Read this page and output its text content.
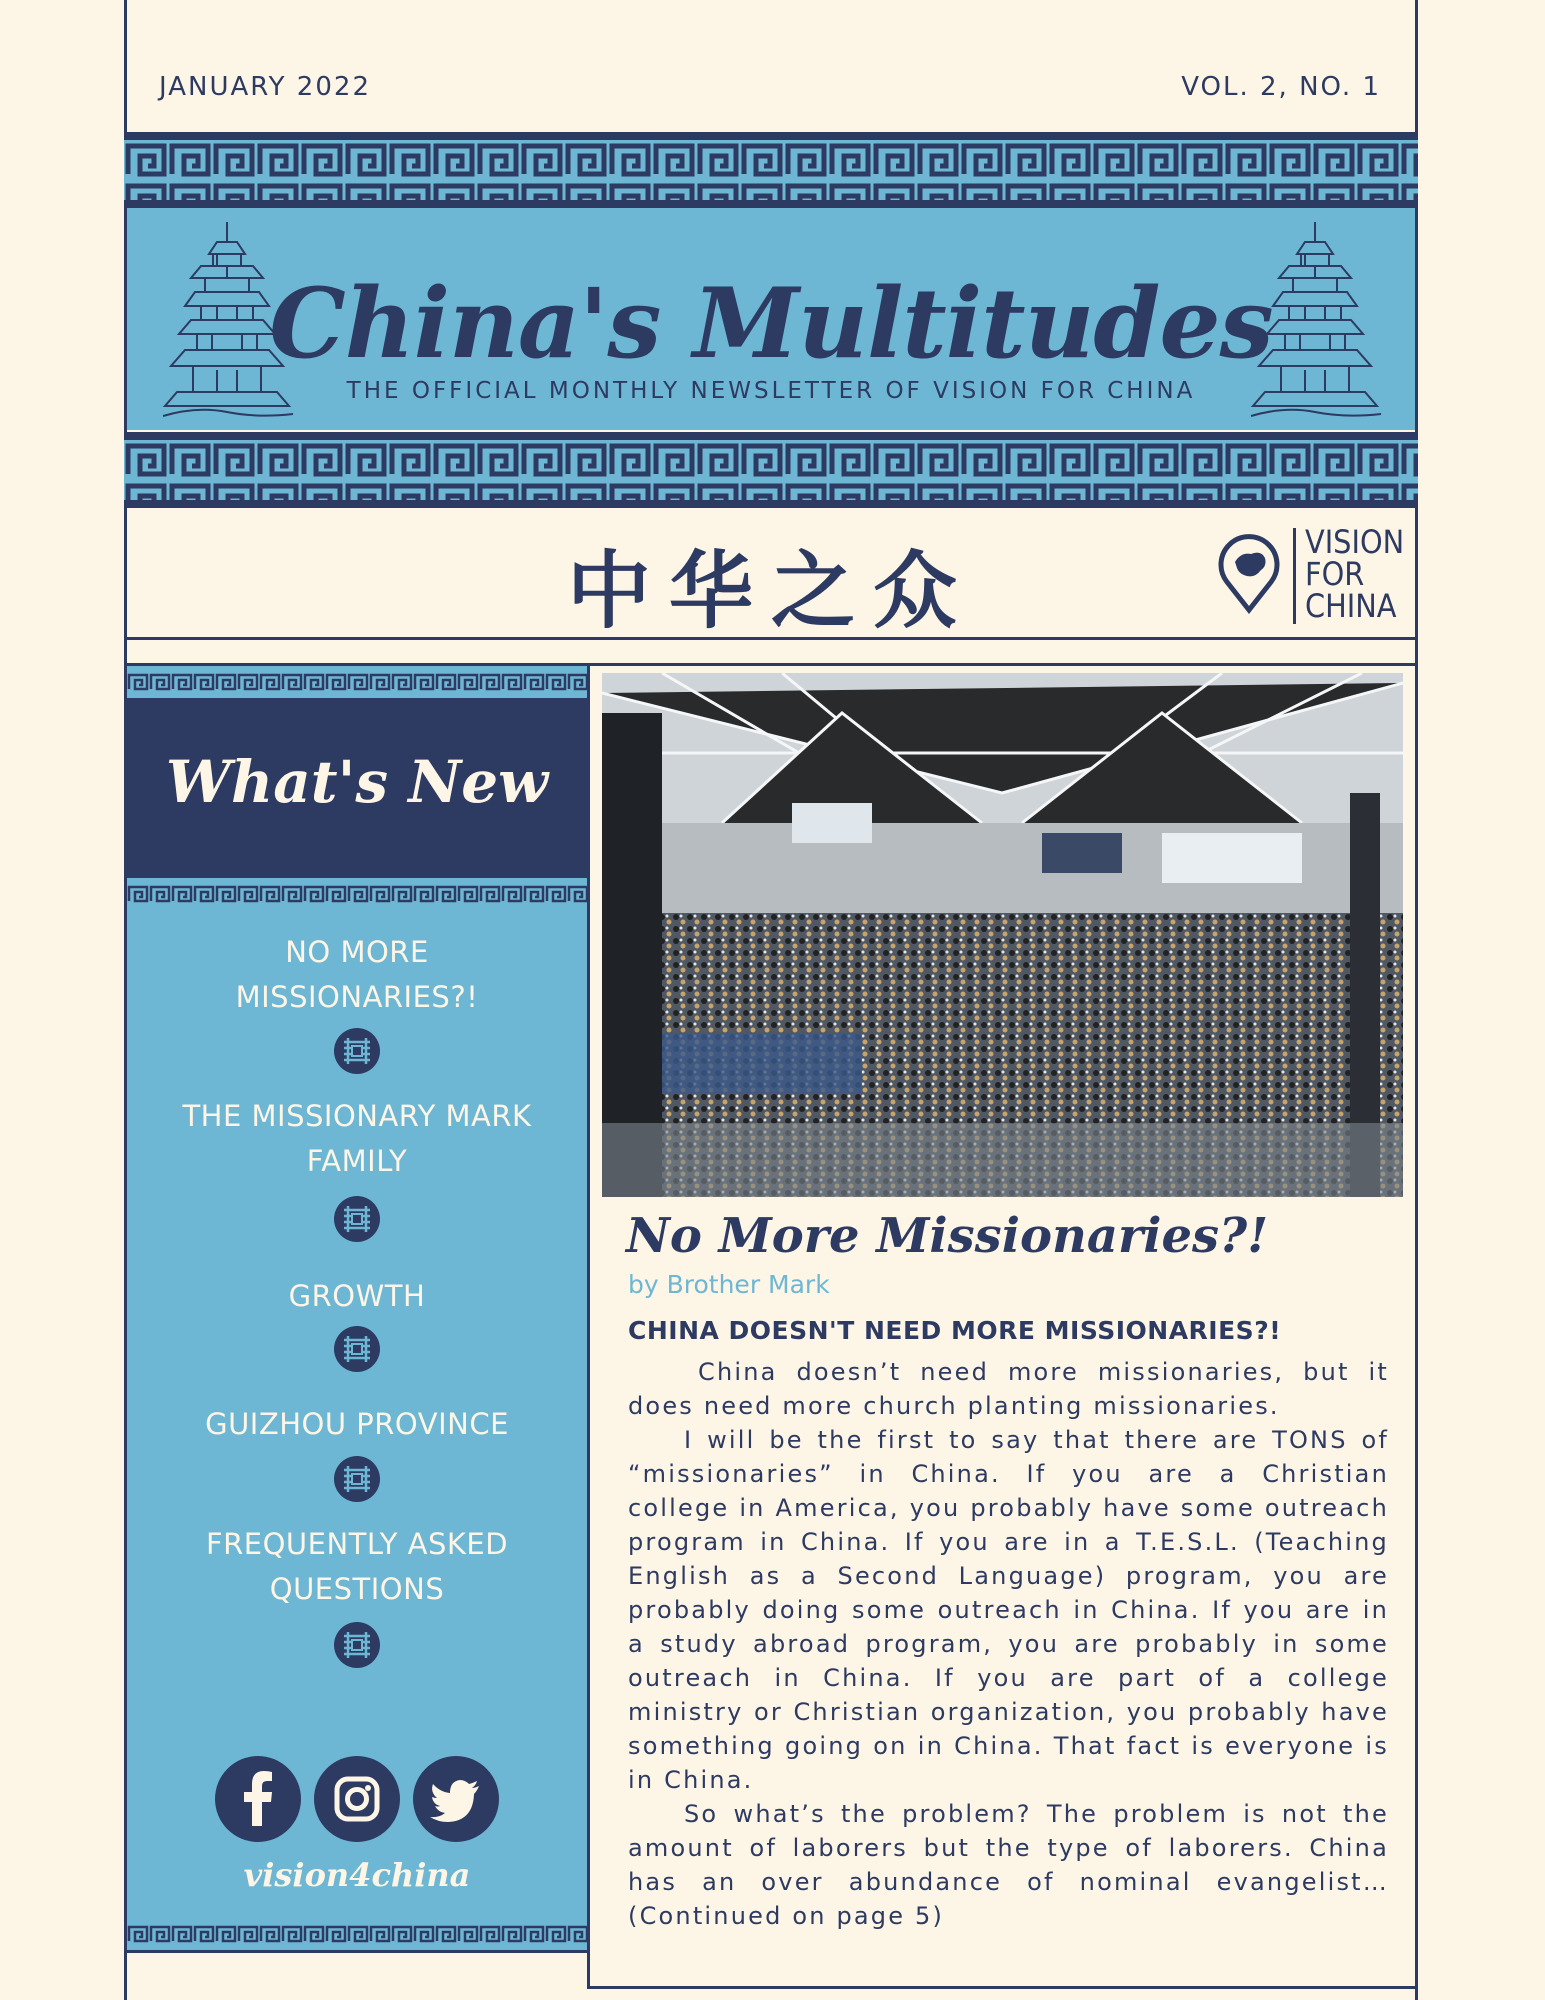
JANUARY 2022	VOL. 2, NO. 1
China's Multitudes
THE OFFICIAL MONTHLY NEWSLETTER OF VISION FOR CHINA
中华之众	VISION
FOR
CHINA
What's New
NO MORE
MISSIONARIES?!
THE MISSIONARY MARK
FAMILY
GROWTH
GUIZHOU PROVINCE
FREQUENTLY ASKED
QUESTIONS
vision4china
No More Missionaries?!
by Brother Mark
CHINA DOESN'T NEED MORE MISSIONARIES?!

China doesn’t need more missionaries, but it does need more church planting missionaries.

I will be the first to say that there are TONS of “missionaries” in China. If you are a Christian college in America, you probably have some outreach program in China. If you are in a T.E.S.L. (Teaching English as a Second Language) program, you are probably doing some outreach in China. If you are in a study abroad program, you are probably in some outreach in China. If you are part of a college ministry or Christian organization, you probably have something going on in China. That fact is everyone is in China.

So what’s the problem? The problem is not the amount of laborers but the type of laborers. China has an over abundance of nominal evangelist… (Continued on page 5)
